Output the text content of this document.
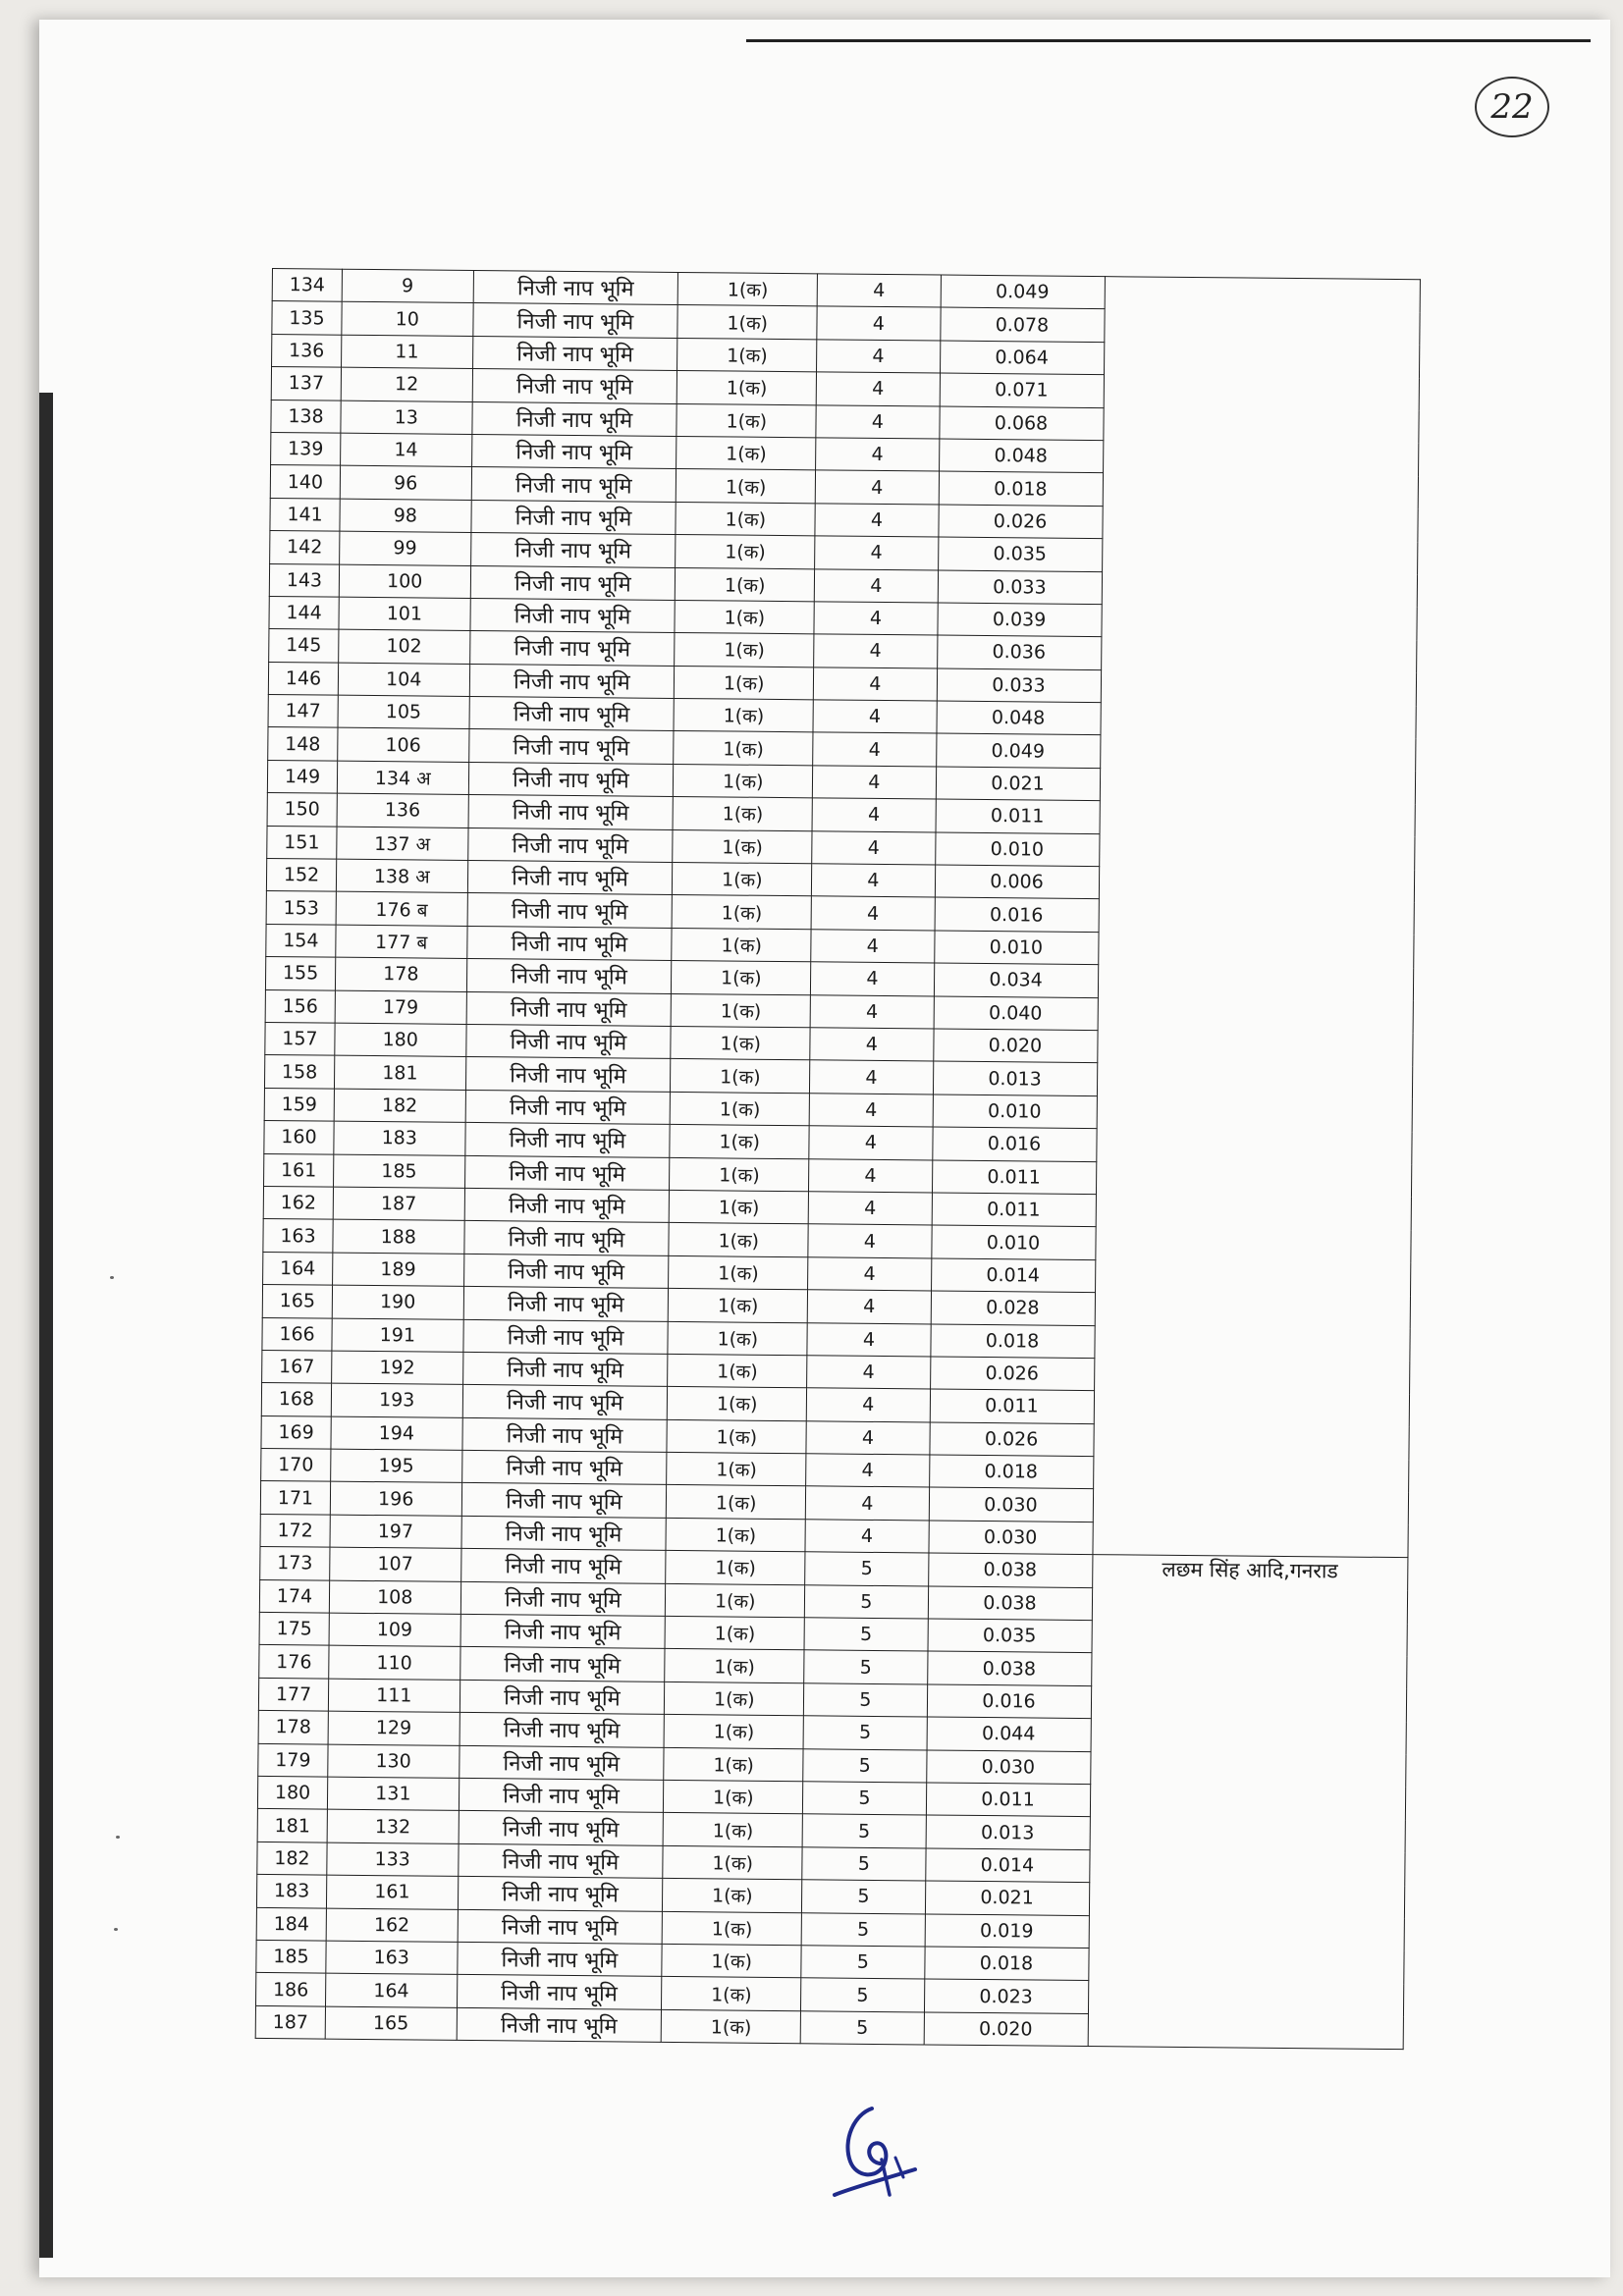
22
134	9	निजी नाप भूमि	1(क)	4	0.049	
135	10	निजी नाप भूमि	1(क)	4	0.078	
136	11	निजी नाप भूमि	1(क)	4	0.064	
137	12	निजी नाप भूमि	1(क)	4	0.071	
138	13	निजी नाप भूमि	1(क)	4	0.068	
139	14	निजी नाप भूमि	1(क)	4	0.048	
140	96	निजी नाप भूमि	1(क)	4	0.018	
141	98	निजी नाप भूमि	1(क)	4	0.026	
142	99	निजी नाप भूमि	1(क)	4	0.035	
143	100	निजी नाप भूमि	1(क)	4	0.033	
144	101	निजी नाप भूमि	1(क)	4	0.039	
145	102	निजी नाप भूमि	1(क)	4	0.036	
146	104	निजी नाप भूमि	1(क)	4	0.033	
147	105	निजी नाप भूमि	1(क)	4	0.048	
148	106	निजी नाप भूमि	1(क)	4	0.049	
149	134 अ	निजी नाप भूमि	1(क)	4	0.021	
150	136	निजी नाप भूमि	1(क)	4	0.011	
151	137 अ	निजी नाप भूमि	1(क)	4	0.010	
152	138 अ	निजी नाप भूमि	1(क)	4	0.006	
153	176 ब	निजी नाप भूमि	1(क)	4	0.016	
154	177 ब	निजी नाप भूमि	1(क)	4	0.010	
155	178	निजी नाप भूमि	1(क)	4	0.034	
156	179	निजी नाप भूमि	1(क)	4	0.040	
157	180	निजी नाप भूमि	1(क)	4	0.020	
158	181	निजी नाप भूमि	1(क)	4	0.013	
159	182	निजी नाप भूमि	1(क)	4	0.010	
160	183	निजी नाप भूमि	1(क)	4	0.016	
161	185	निजी नाप भूमि	1(क)	4	0.011	
162	187	निजी नाप भूमि	1(क)	4	0.011	
163	188	निजी नाप भूमि	1(क)	4	0.010	
164	189	निजी नाप भूमि	1(क)	4	0.014	
165	190	निजी नाप भूमि	1(क)	4	0.028	
166	191	निजी नाप भूमि	1(क)	4	0.018	
167	192	निजी नाप भूमि	1(क)	4	0.026	
168	193	निजी नाप भूमि	1(क)	4	0.011	
169	194	निजी नाप भूमि	1(क)	4	0.026	
170	195	निजी नाप भूमि	1(क)	4	0.018	
171	196	निजी नाप भूमि	1(क)	4	0.030	
172	197	निजी नाप भूमि	1(क)	4	0.030	
173	107	निजी नाप भूमि	1(क)	5	0.038	लछम सिंह आदि,गनराड
174	108	निजी नाप भूमि	1(क)	5	0.038	
175	109	निजी नाप भूमि	1(क)	5	0.035	
176	110	निजी नाप भूमि	1(क)	5	0.038	
177	111	निजी नाप भूमि	1(क)	5	0.016	
178	129	निजी नाप भूमि	1(क)	5	0.044	
179	130	निजी नाप भूमि	1(क)	5	0.030	
180	131	निजी नाप भूमि	1(क)	5	0.011	
181	132	निजी नाप भूमि	1(क)	5	0.013	
182	133	निजी नाप भूमि	1(क)	5	0.014	
183	161	निजी नाप भूमि	1(क)	5	0.021	
184	162	निजी नाप भूमि	1(क)	5	0.019	
185	163	निजी नाप भूमि	1(क)	5	0.018	
186	164	निजी नाप भूमि	1(क)	5	0.023	
187	165	निजी नाप भूमि	1(क)	5	0.020	
